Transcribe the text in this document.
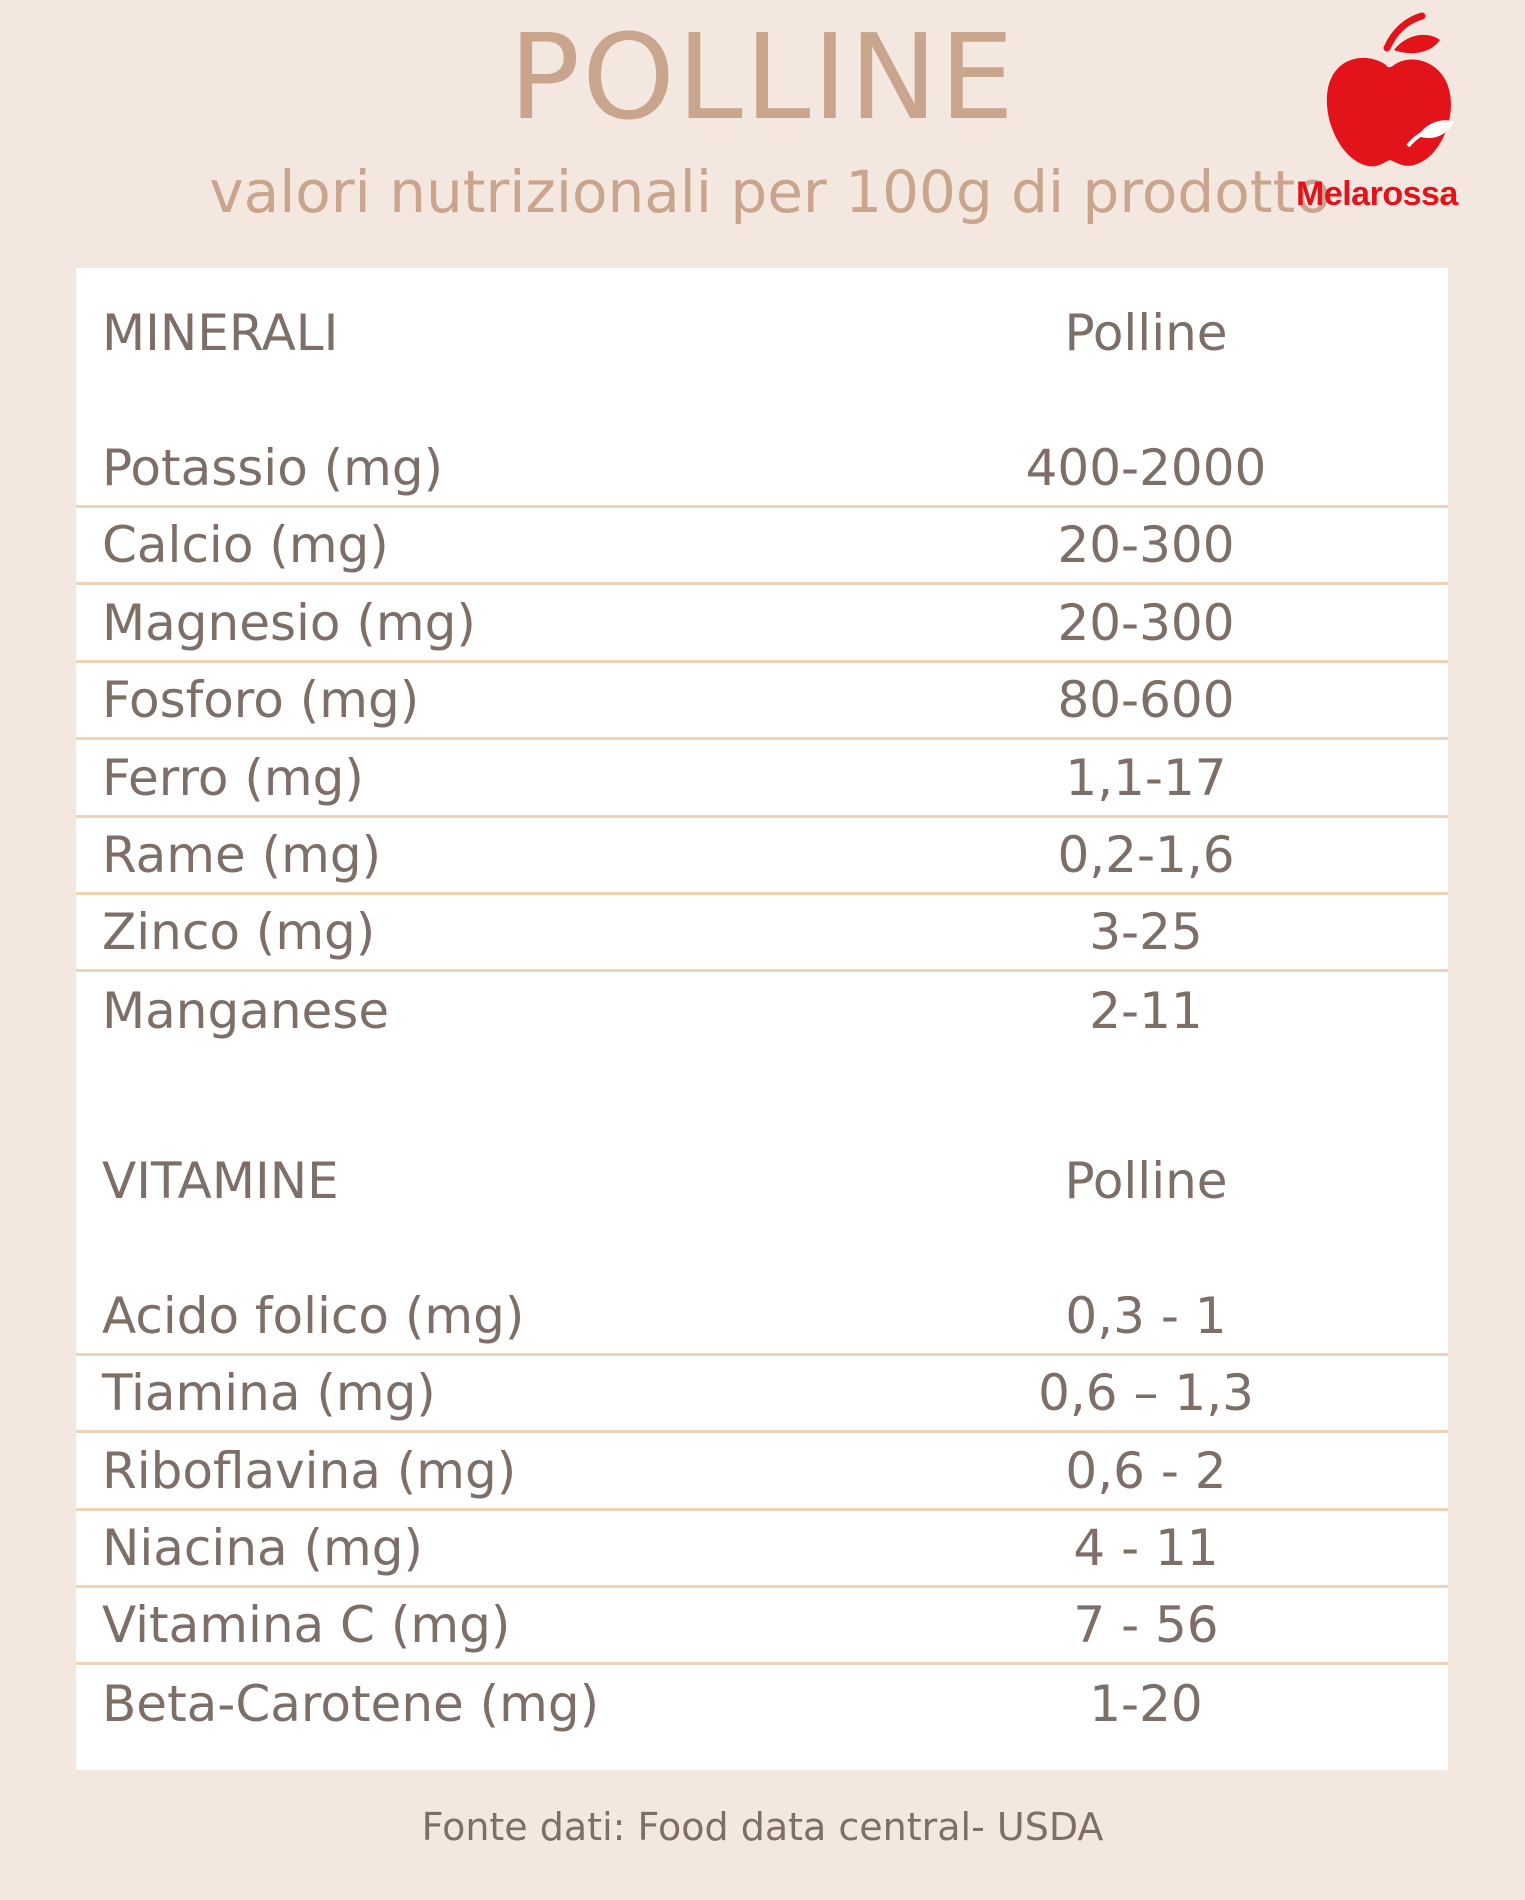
POLLINE
valori nutrizionali per 100g di prodotto
Melarossa
MINERALI	Polline
Potassio (mg)	400-2000
Calcio (mg)	20-300
Magnesio (mg)	20-300
Fosforo (mg)	80-600
Ferro (mg)	1,1-17
Rame (mg)	0,2-1,6
Zinco (mg)	3-25
Manganese	2-11
VITAMINE	Polline
Acido folico (mg)	0,3 - 1
Tiamina (mg)	0,6 – 1,3
Riboflavina (mg)	0,6 - 2
Niacina (mg)	4 - 11
Vitamina C (mg)	7 - 56
Beta-Carotene (mg)	1-20
Fonte dati: Food data central- USDA
